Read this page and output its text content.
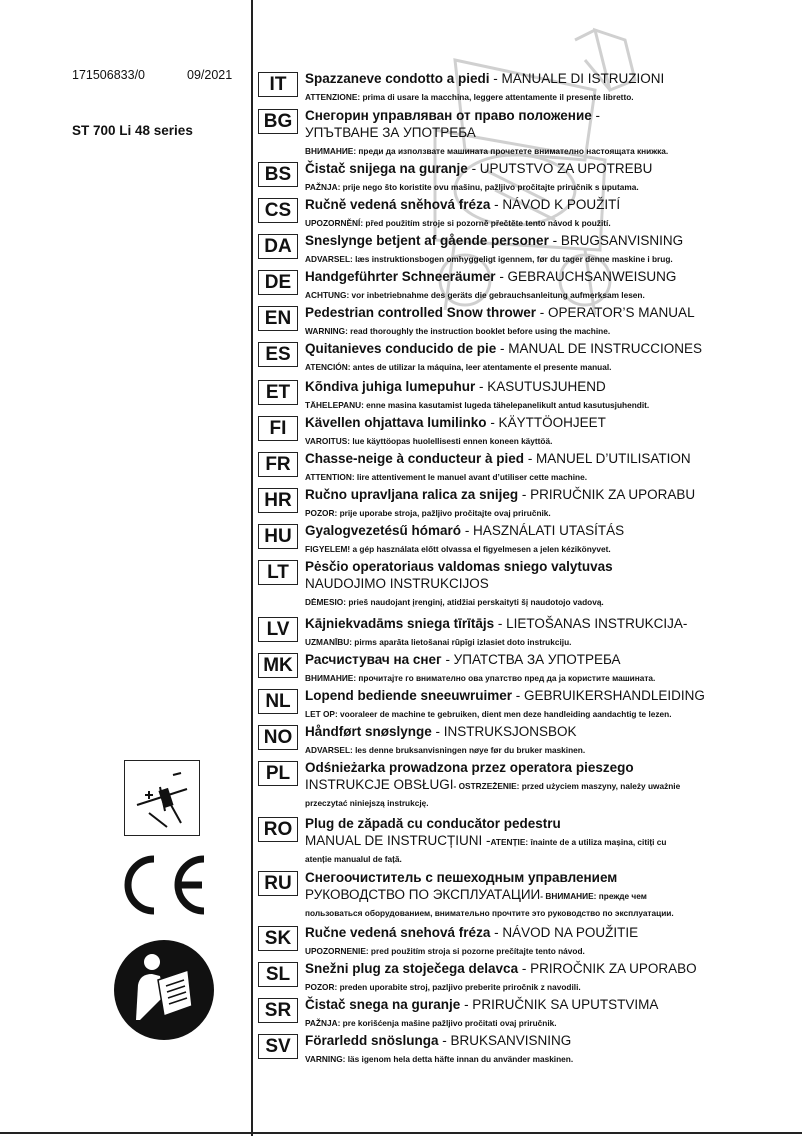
171506833/0	09/2021
ST 700 Li 48 series
IT	Spazzaneve condotto a piedi - MANUALE DI ISTRUZIONI
ATTENZIONE: prima di usare la macchina, leggere attentamente il presente libretto.
BG Снегорин управляван от право положение -
УПЪТВАНЕ ЗА УПОТРЕБА
ВНИМАНИЕ: преди да използвате машината прочетете внимателно настоящата книжка.
BS	Čistač snijega na guranje - UPUTSTVO ZA UPOTREBU
PAŽNJA: prije nego što koristite ovu mašinu, pažljivo pročitajte priručnik s uputama.
CS	Ručně vedená sněhová fréza - NÁVOD K POUŽITÍ
UPOZORNĚNÍ: před použitím stroje si pozorně přečtěte tento návod k použití.
DA Sneslynge betjent af gående personer - BRUGSANVISNING
ADVARSEL: læs instruktionsbogen omhyggeligt igennem, før du tager denne maskine i brug.
DE	Handgeführter Schneeräumer - GEBRAUCHSANWEISUNG
ACHTUNG: vor inbetriebnahme des geräts die gebrauchsanleitung aufmerksam lesen.
EN	Pedestrian controlled Snow thrower - OPERATOR’S MANUAL
WARNING: read thoroughly the instruction booklet before using the machine.
ES	Quitanieves conducido de pie - MANUAL DE INSTRUCCIONES
ATENCIÓN: antes de utilizar la máquina, leer atentamente el presente manual.
ET	Kõndiva juhiga lumepuhur - KASUTUSJUHEND
TÄHELEPANU: enne masina kasutamist lugeda tähelepanelikult antud kasutusjuhendit.
FI	Kävellen ohjattava lumilinko - KÄYTTÖOHJEET
VAROITUS: lue käyttöopas huolellisesti ennen koneen käyttöä.
FR	Chasse-neige à conducteur à pied - MANUEL D’UTILISATION
ATTENTION: lire attentivement le manuel avant d’utiliser cette machine.
HR Ručno upravljana ralica za snijeg - PRIRUČNIK ZA UPORABU
POZOR: prije uporabe stroja, pažljivo pročitajte ovaj priručnik.
HU Gyalogvezetésű hómaró - HASZNÁLATI UTASÍTÁS
FIGYELEM! a gép használata előtt olvassa el figyelmesen a jelen kézikönyvet.
LT	Pėsčio operatoriaus valdomas sniego valytuvas
NAUDOJIMO INSTRUKCIJOS
DĖMESIO: prieš naudojant įrenginį, atidžiai perskaityti šį naudotojo vadovą.
LV	Kājniekvadāms sniega tīrītājs - LIETOŠANAS INSTRUKCIJA-
UZMANĪBU: pirms aparāta lietošanai rūpīgi izlasiet doto instrukciju.
MK Расчистувач на снег - УПАТСТВА ЗА УПОТРЕБА
ВНИМАНИЕ: прочитајте го внимателно ова упатство пред да ја користите машината.
NL	Lopend bediende sneeuwruimer - GEBRUIKERSHANDLEIDING
LET OP: vooraleer de machine te gebruiken, dient men deze handleiding aandachtig te lezen.
NO Håndført snøslynge - INSTRUKSJONSBOK
ADVARSEL: les denne bruksanvisningen nøye før du bruker maskinen.
PL	Odśnieżarka prowadzona przez operatora pieszego
INSTRUKCJE OBSŁUGI- OSTRZEŻENIE: przed użyciem maszyny, należy uważnie
przeczytać niniejszą instrukcję.
RO Plug de zăpadă cu conducător pedestru
MANUAL DE INSTRUCȚIUNI -ATENȚIE: înainte de a utiliza mașina, citiți cu
atenție manualul de față.
RU Снегоочиститель с пешеходным управлением
РУКОВОДСТВО ПО ЭКСПЛУАТАЦИИ- ВНИМАНИЕ: прежде чем
пользоваться оборудованием, внимательно прочтите это руководство по эксплуатации.
SK	Ručne vedená snehová fréza - NÁVOD NA POUŽITIE
UPOZORNENIE: pred použitím stroja si pozorne prečítajte tento návod.
SL	Snežni plug za stoječega delavca - PRIROČNIK ZA UPORABO
POZOR: preden uporabite stroj, pazljivo preberite priročnik z navodili.
SR	Čistač snega na guranje - PRIRUČNIK SA UPUTSTVIMA
PAŽNJA: pre korišćenja mašine pažljivo pročitati ovaj priručnik.
SV	Förarledd snöslunga - BRUKSANVISNING
VARNING: läs igenom hela detta häfte innan du använder maskinen.
